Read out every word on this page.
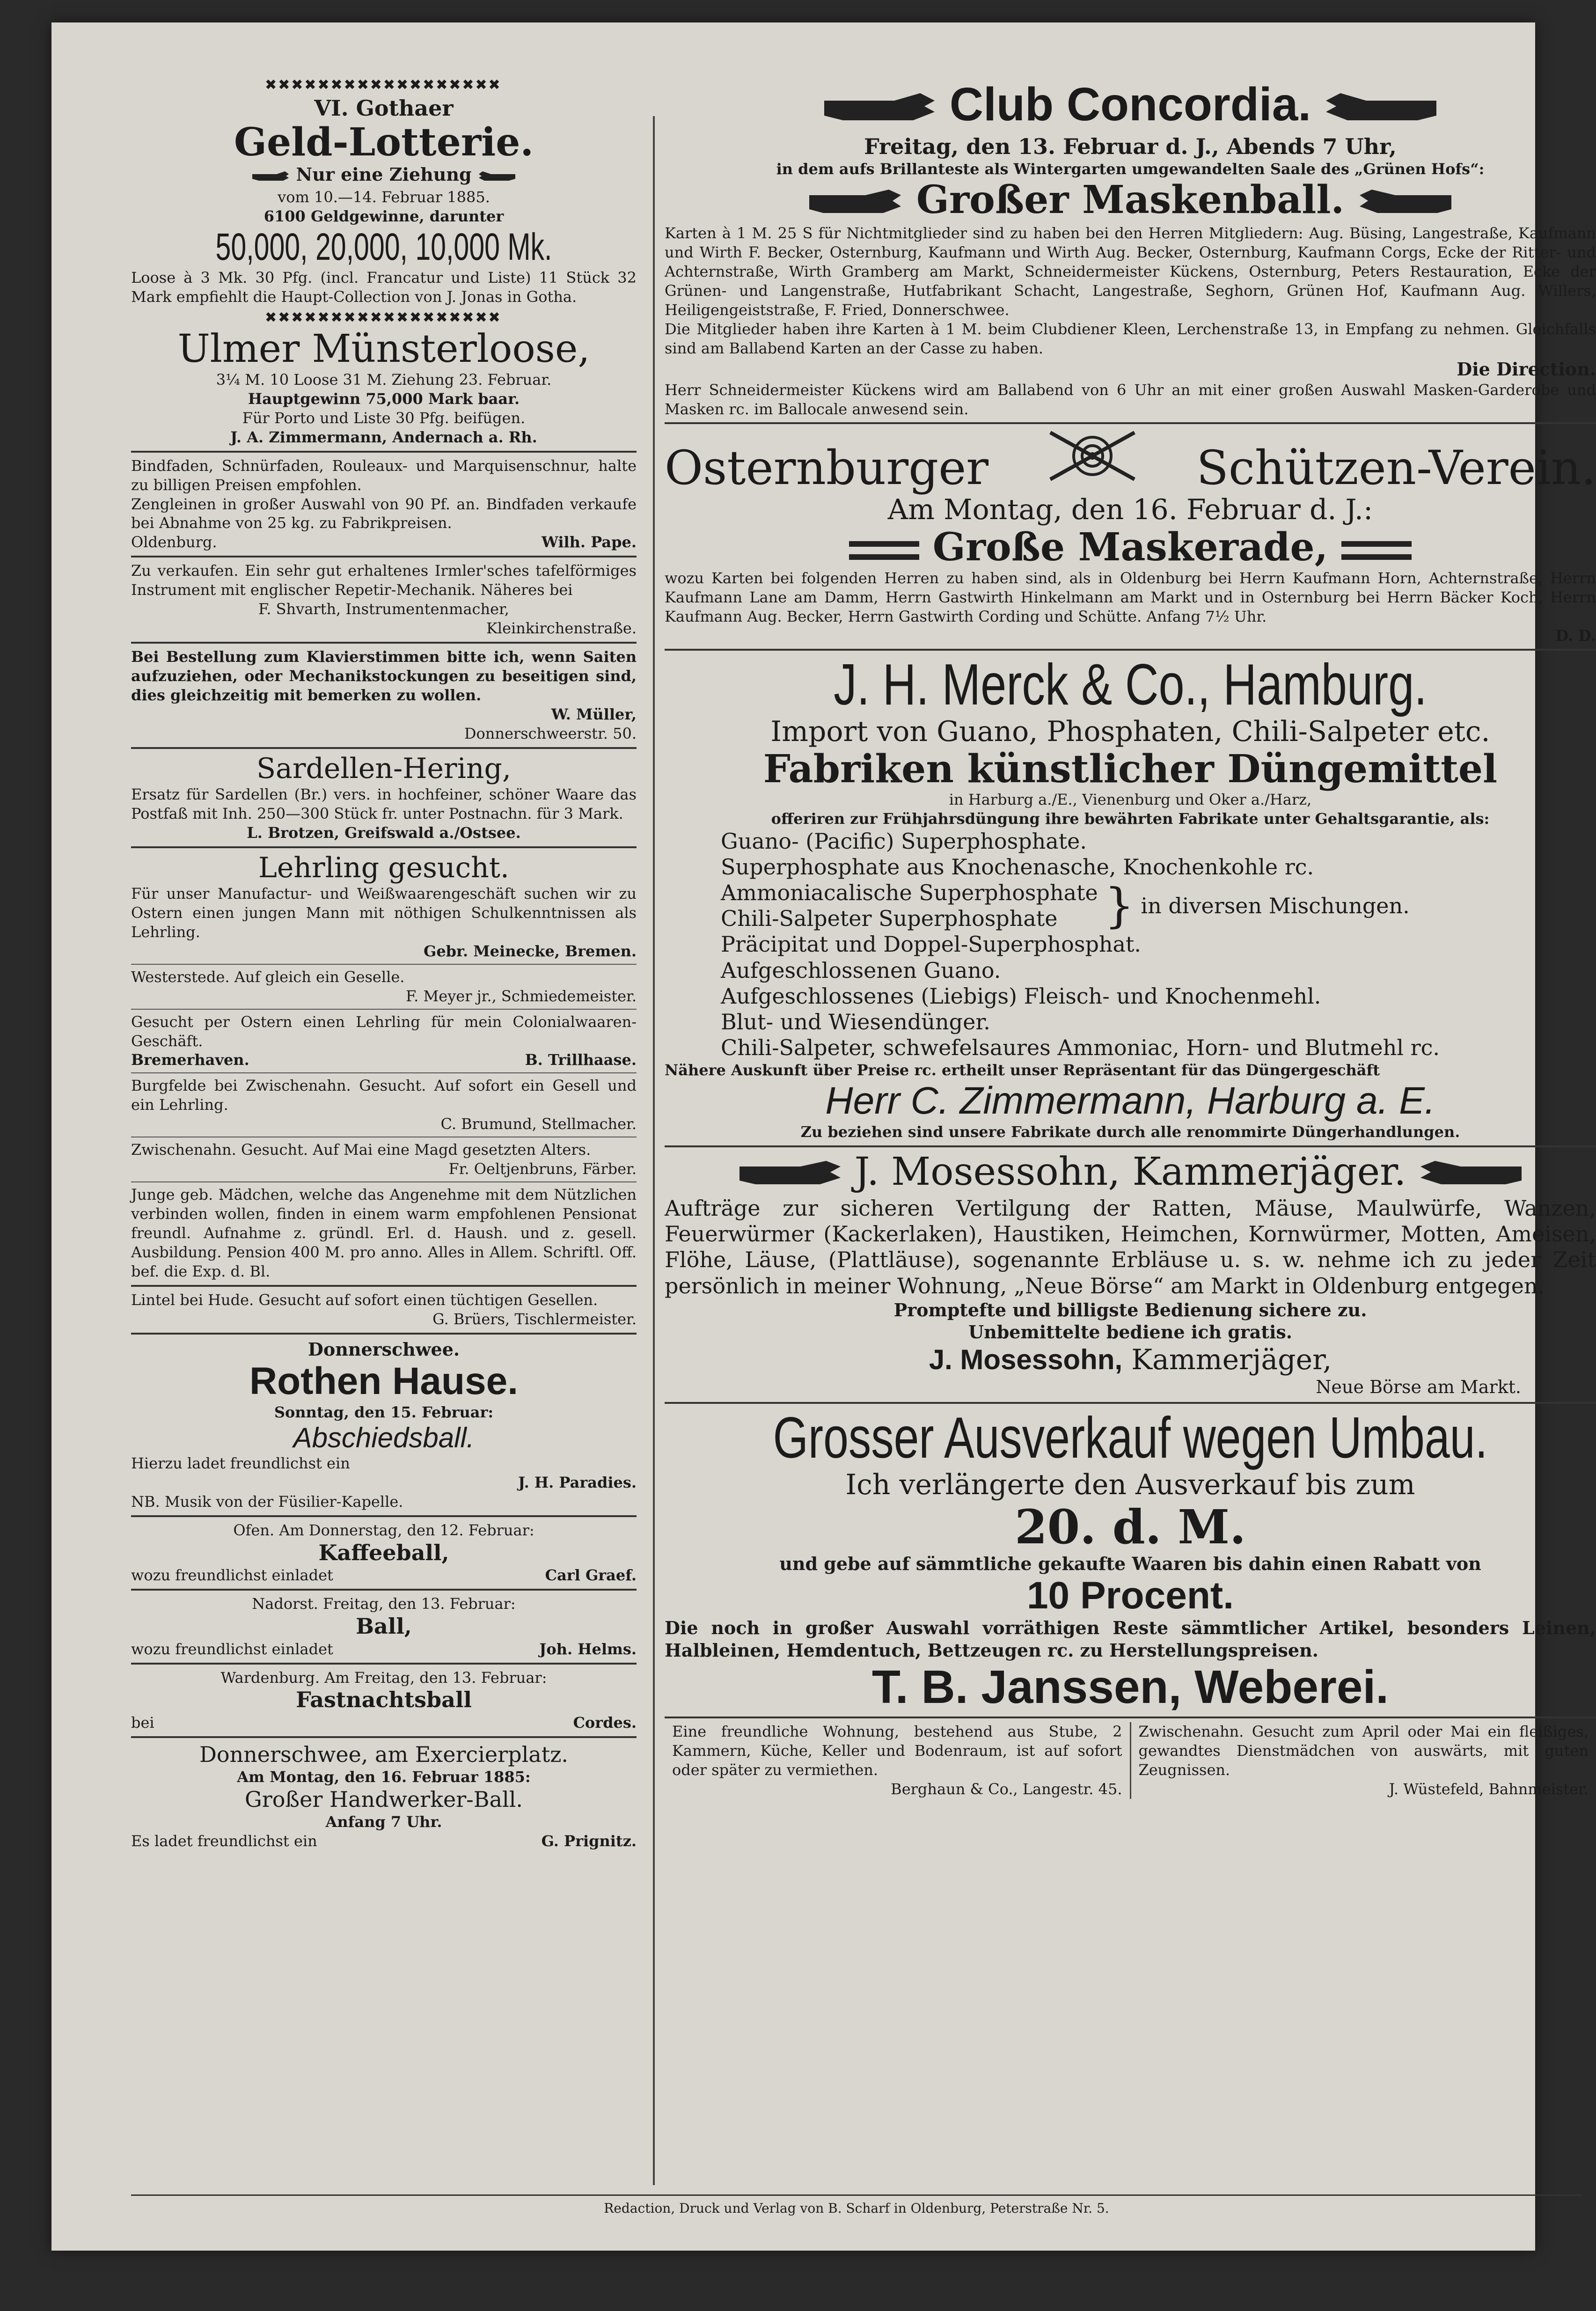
✖✖✖✖✖✖✖✖✖✖✖✖✖✖✖✖✖✖
VI. Gothaer
Geld-Lotterie.
Nur eine Ziehung
vom 10.—14. Februar 1885.
6100 Geldgewinne, darunter
50,000, 20,000, 10,000 Mk.
Loose à 3 Mk. 30 Pfg. (incl. Francatur und Liste) 11 Stück 32 Mark empfiehlt die Haupt-Collection von J. Jonas in Gotha.
✖✖✖✖✖✖✖✖✖✖✖✖✖✖✖✖✖✖
Ulmer Münsterloose,
3¼ M. 10 Loose 31 M. Ziehung 23. Februar.
Hauptgewinn 75,000 Mark baar.
Für Porto und Liste 30 Pfg. beifügen.
J. A. Zimmermann, Andernach a. Rh.
Bindfaden, Schnürfaden, Rouleaux- und Marquisenschnur, halte zu billigen Preisen empfohlen.
Zengleinen in großer Auswahl von 90 Pf. an. Bindfaden verkaufe bei Abnahme von 25 kg. zu Fabrikpreisen.
Oldenburg.	Wilh. Pape.
Zu verkaufen. Ein sehr gut erhaltenes Irmler'sches tafelförmiges Instrument mit englischer Repetir-Mechanik. Näheres bei
F. Shvarth, Instrumentenmacher,
Kleinkirchenstraße.
Bei Bestellung zum Klavierstimmen bitte ich, wenn Saiten aufzuziehen, oder Mechanikstockungen zu beseitigen sind, dies gleichzeitig mit bemerken zu wollen.
W. Müller,
Donnerschweerstr. 50.
Sardellen-Hering,
Ersatz für Sardellen (Br.) vers. in hochfeiner, schöner Waare das Postfaß mit Inh. 250—300 Stück fr. unter Postnachn. für 3 Mark.
L. Brotzen, Greifswald a./Ostsee.
Lehrling gesucht.
Für unser Manufactur- und Weißwaarengeschäft suchen wir zu Ostern einen jungen Mann mit nöthigen Schulkenntnissen als Lehrling.
Gebr. Meinecke, Bremen.
Westerstede. Auf gleich ein Geselle.
F. Meyer jr., Schmiedemeister.
Gesucht per Ostern einen Lehrling für mein Colonialwaaren-Geschäft.
Bremerhaven.	B. Trillhaase.
Burgfelde bei Zwischenahn. Gesucht. Auf sofort ein Gesell und ein Lehrling.
C. Brumund, Stellmacher.
Zwischenahn. Gesucht. Auf Mai eine Magd gesetzten Alters.
Fr. Oeltjenbruns, Färber.
Junge geb. Mädchen, welche das Angenehme mit dem Nützlichen verbinden wollen, finden in einem warm empfohlenen Pensionat freundl. Aufnahme z. gründl. Erl. d. Haush. und z. gesell. Ausbildung. Pension 400 M. pro anno. Alles in Allem. Schriftl. Off. bef. die Exp. d. Bl.
Lintel bei Hude. Gesucht auf sofort einen tüchtigen Gesellen.
G. Brüers, Tischlermeister.
Donnerschwee.
Rothen Hause.
Sonntag, den 15. Februar:
Abschiedsball.
Hierzu ladet freundlichst ein
J. H. Paradies.
NB. Musik von der Füsilier-Kapelle.
Ofen. Am Donnerstag, den 12. Februar:
Kaffeeball,
wozu freundlichst einladet	Carl Graef.
Nadorst. Freitag, den 13. Februar:
Ball,
wozu freundlichst einladet	Joh. Helms.
Wardenburg. Am Freitag, den 13. Februar:
Fastnachtsball
bei	Cordes.
Donnerschwee, am Exercierplatz.
Am Montag, den 16. Februar 1885:
Großer Handwerker-Ball.
Anfang 7 Uhr.
Es ladet freundlichst ein	G. Prignitz.
Club Concordia.
Freitag, den 13. Februar d. J., Abends 7 Uhr,
in dem aufs Brillanteste als Wintergarten umgewandelten Saale des „Grünen Hofs“:
Großer Maskenball.
Karten à 1 M. 25 S für Nichtmitglieder sind zu haben bei den Herren Mitgliedern: Aug. Büsing, Langestraße, Kaufmann und Wirth F. Becker, Osternburg, Kaufmann und Wirth Aug. Becker, Osternburg, Kaufmann Corgs, Ecke der Ritter- und Achternstraße, Wirth Gramberg am Markt, Schneidermeister Kückens, Osternburg, Peters Restauration, Ecke der Grünen- und Langenstraße, Hutfabrikant Schacht, Langestraße, Seghorn, Grünen Hof, Kaufmann Aug. Willers, Heiligengeiststraße, F. Fried, Donnerschwee.
Die Mitglieder haben ihre Karten à 1 M. beim Clubdiener Kleen, Lerchenstraße 13, in Empfang zu nehmen. Gleichfalls sind am Ballabend Karten an der Casse zu haben.
Die Direction.
Herr Schneidermeister Kückens wird am Ballabend von 6 Uhr an mit einer großen Auswahl Masken-Garderobe und Masken rc. im Ballocale anwesend sein.
Osternburger	Schützen-Verein.
Am Montag, den 16. Februar d. J.:
Große Maskerade,
wozu Karten bei folgenden Herren zu haben sind, als in Oldenburg bei Herrn Kaufmann Horn, Achternstraße, Herrn Kaufmann Lane am Damm, Herrn Gastwirth Hinkelmann am Markt und in Osternburg bei Herrn Bäcker Koch, Herrn Kaufmann Aug. Becker, Herrn Gastwirth Cording und Schütte. Anfang 7½ Uhr.
D. D.
J. H. Merck & Co., Hamburg.
Import von Guano, Phosphaten, Chili-Salpeter etc.
Fabriken künstlicher Düngemittel
in Harburg a./E., Vienenburg und Oker a./Harz,
offeriren zur Frühjahrsdüngung ihre bewährten Fabrikate unter Gehaltsgarantie, als:
Guano- (Pacific) Superphosphate.
Superphosphate aus Knochenasche, Knochenkohle rc.
Ammoniacalische Superphosphate
Chili-Salpeter Superphosphate	} in diversen Mischungen.
Präcipitat und Doppel-Superphosphat.
Aufgeschlossenen Guano.
Aufgeschlossenes (Liebigs) Fleisch- und Knochenmehl.
Blut- und Wiesendünger.
Chili-Salpeter, schwefelsaures Ammoniac, Horn- und Blutmehl rc.
Nähere Auskunft über Preise rc. ertheilt unser Repräsentant für das Düngergeschäft
Herr C. Zimmermann, Harburg a. E.
Zu beziehen sind unsere Fabrikate durch alle renommirte Düngerhandlungen.
J. Mosessohn, Kammerjäger.
Aufträge zur sicheren Vertilgung der Ratten, Mäuse, Maulwürfe, Wanzen, Feuerwürmer (Kackerlaken), Haustiken, Heimchen, Kornwürmer, Motten, Ameisen, Flöhe, Läuse, (Plattläuse), sogenannte Erbläuse u. s. w. nehme ich zu jeder Zeit persönlich in meiner Wohnung, „Neue Börse“ am Markt in Oldenburg entgegen.
Promptefte und billigste Bedienung sichere zu.
Unbemittelte bediene ich gratis.
J. Mosessohn, Kammerjäger,
Neue Börse am Markt.
Grosser Ausverkauf wegen Umbau.
Ich verlängerte den Ausverkauf bis zum
20. d. M.
und gebe auf sämmtliche gekaufte Waaren bis dahin einen Rabatt von
10 Procent.
Die noch in großer Auswahl vorräthigen Reste sämmtlicher Artikel, besonders Leinen, Halbleinen, Hemdentuch, Bettzeugen rc. zu Herstellungspreisen.
T. B. Janssen, Weberei.
Eine freundliche Wohnung, bestehend aus Stube, 2 Kammern, Küche, Keller und Bodenraum, ist auf sofort oder später zu vermiethen.
Berghaun & Co., Langestr. 45.
Zwischenahn. Gesucht zum April oder Mai ein fleißiges, gewandtes Dienstmädchen von auswärts, mit guten Zeugnissen.
J. Wüstefeld, Bahnmeister.
Redaction, Druck und Verlag von B. Scharf in Oldenburg, Peterstraße Nr. 5.
